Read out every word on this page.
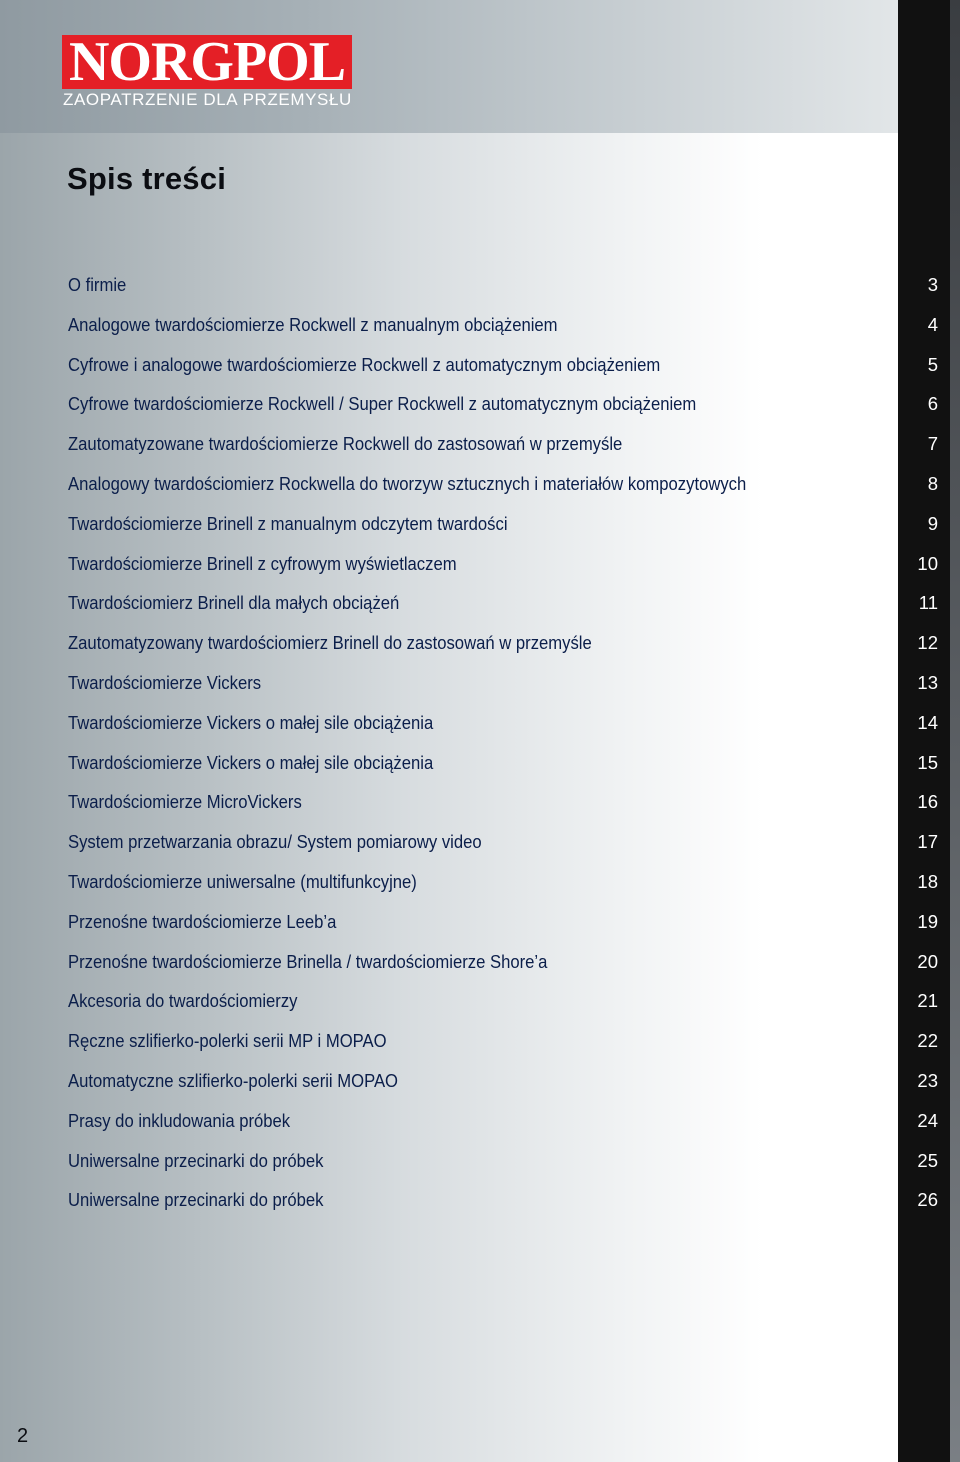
NORGPOL
ZAOPATRZENIE DLA PRZEMYSŁU
Spis treści
O firmie	3
Analogowe twardościomierze Rockwell z manualnym obciążeniem	4
Cyfrowe i analogowe twardościomierze Rockwell z automatycznym obciążeniem	5
Cyfrowe twardościomierze Rockwell / Super Rockwell z automatycznym obciążeniem	6
Zautomatyzowane twardościomierze Rockwell do zastosowań w przemyśle	7
Analogowy twardościomierz Rockwella do tworzyw sztucznych i materiałów kompozytowych	8
Twardościomierze Brinell z manualnym odczytem twardości	9
Twardościomierze Brinell z cyfrowym wyświetlaczem	10
Twardościomierz Brinell dla małych obciążeń	11
Zautomatyzowany twardościomierz Brinell do zastosowań w przemyśle	12
Twardościomierze Vickers	13
Twardościomierze Vickers o małej sile obciążenia	14
Twardościomierze Vickers o małej sile obciążenia	15
Twardościomierze MicroVickers	16
System przetwarzania obrazu/ System pomiarowy video	17
Twardościomierze uniwersalne (multifunkcyjne)	18
Przenośne twardościomierze Leeb’a	19
Przenośne twardościomierze Brinella / twardościomierze Shore’a	20
Akcesoria do twardościomierzy	21
Ręczne szlifierko-polerki serii MP i MOPAO	22
Automatyczne szlifierko-polerki serii MOPAO	23
Prasy do inkludowania próbek	24
Uniwersalne przecinarki do próbek	25
Uniwersalne przecinarki do próbek	26
2
